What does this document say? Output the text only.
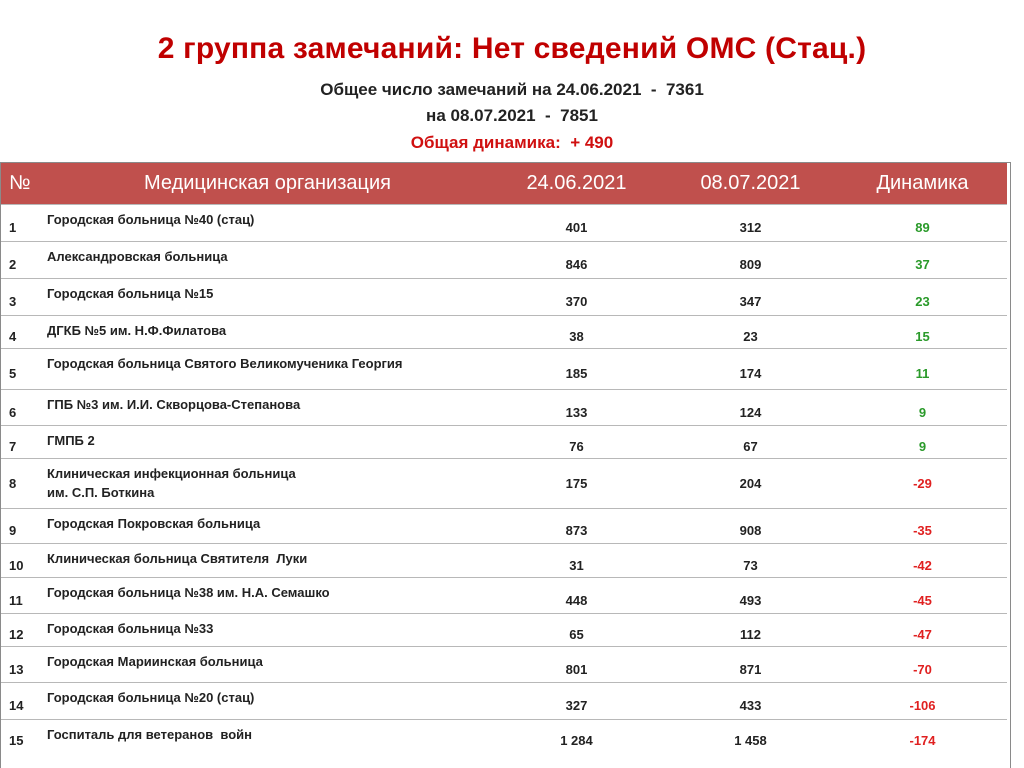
2 группа замечаний: Нет сведений ОМС (Стац.)
Общее число замечаний на 24.06.2021  -  7361
на 08.07.2021  -  7851
Общая динамика:  + 490
№	Медицинская организация	24.06.2021	08.07.2021	Динамика
1	Городская больница №40 (стац)	401	312	89
2	Александровская больница	846	809	37
3	Городская больница №15	370	347	23
4	ДГКБ №5 им. Н.Ф.Филатова	38	23	15
5	Городская больница Святого Великомученика Георгия	185	174	11
6	ГПБ №3 им. И.И. Скворцова-Степанова	133	124	9
7	ГМПБ 2	76	67	9
8	Клиническая инфекционная больница
им. С.П. Боткина	175	204	-29
9	Городская Покровская больница	873	908	-35
10	Клиническая больница Святителя  Луки	31	73	-42
11	Городская больница №38 им. Н.А. Семашко	448	493	-45
12	Городская больница №33	65	112	-47
13	Городская Мариинская больница	801	871	-70
14	Городская больница №20 (стац)	327	433	-106
15	Госпиталь для ветеранов  войн	1 284	1 458	-174
